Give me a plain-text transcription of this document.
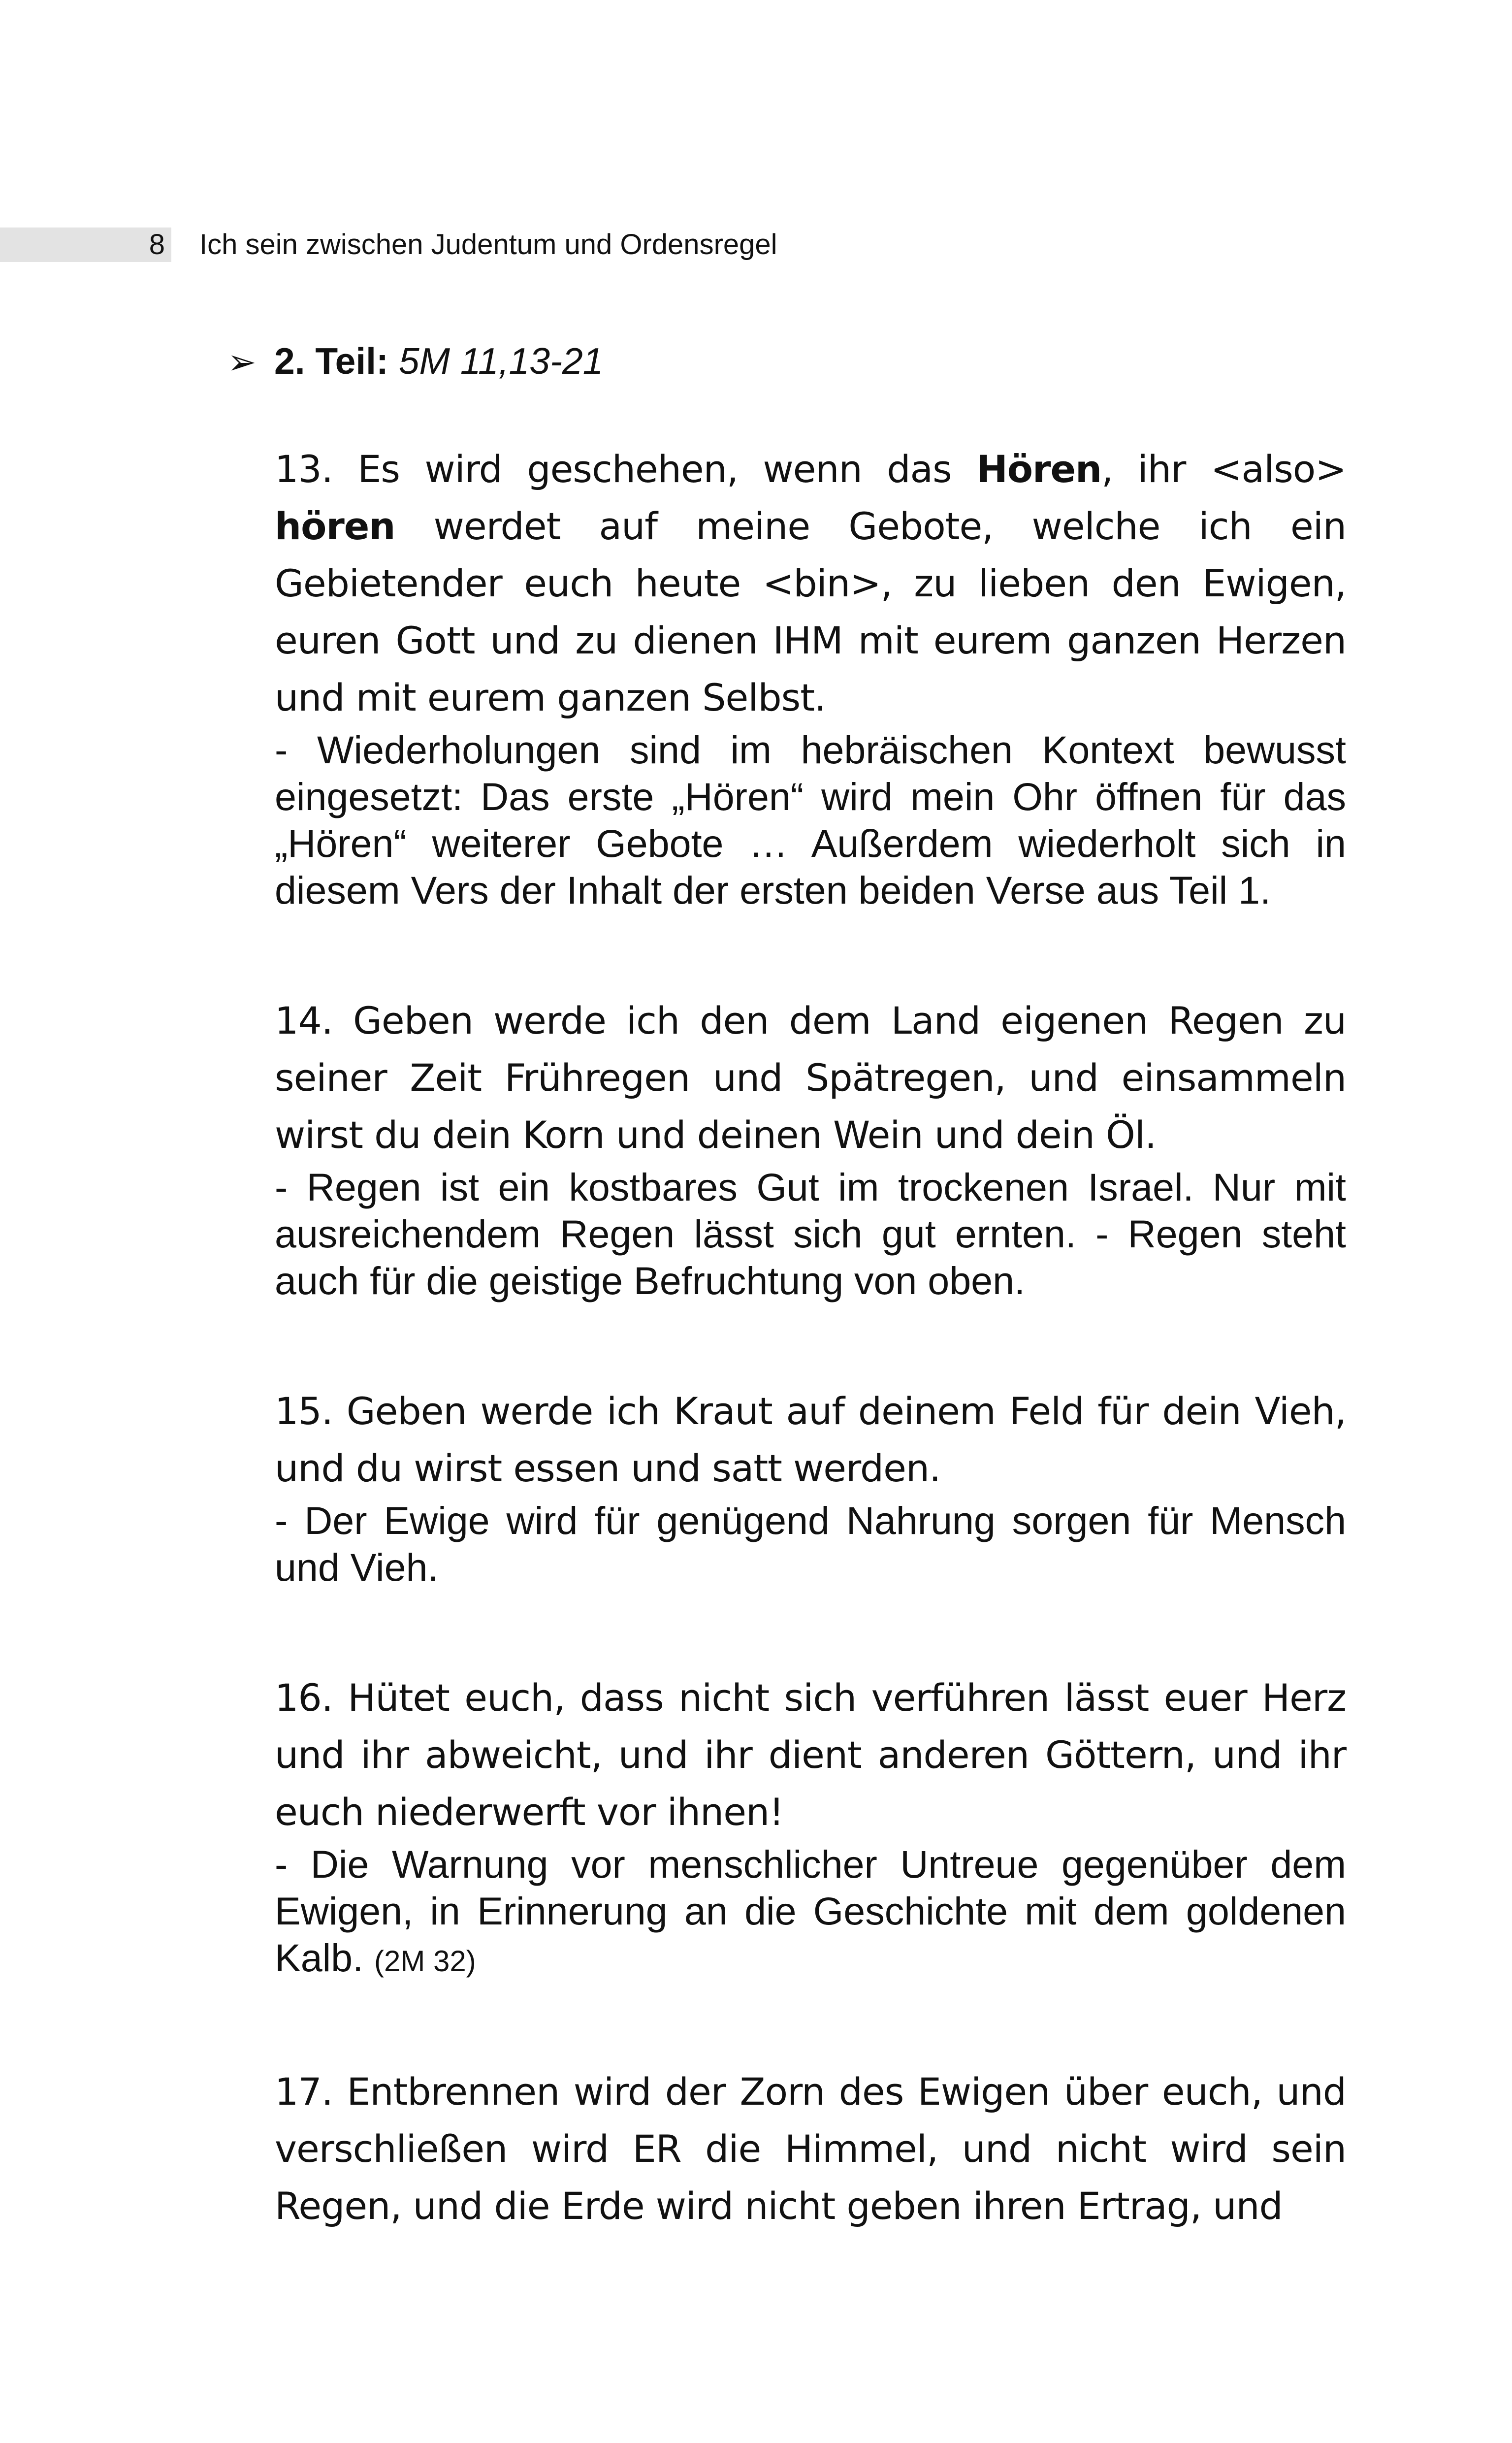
8 Ich sein zwischen Judentum und Ordensregel
➢ 2. Teil: 5M 11,13-21

13. Es wird geschehen, wenn das Hören, ihr <also> hören werdet auf meine Gebote, welche ich ein Gebietender euch heute <bin>, zu lieben den Ewigen, euren Gott und zu dienen IHM mit eurem ganzen Herzen und mit eurem ganzen Selbst.

- Wiederholungen sind im hebräischen Kontext bewusst eingesetzt: Das erste „Hören“ wird mein Ohr öffnen für das „Hören“ weiterer Gebote … Außerdem wiederholt sich in diesem Vers der Inhalt der ersten beiden Verse aus Teil 1.

14. Geben werde ich den dem Land eigenen Regen zu seiner Zeit Frühregen und Spätregen, und einsammeln wirst du dein Korn und deinen Wein und dein Öl.

- Regen ist ein kostbares Gut im trockenen Israel. Nur mit ausreichendem Regen lässt sich gut ernten. - Regen steht auch für die geistige Befruchtung von oben.

15. Geben werde ich Kraut auf deinem Feld für dein Vieh, und du wirst essen und satt werden.

- Der Ewige wird für genügend Nahrung sorgen für Mensch und Vieh.

16. Hütet euch, dass nicht sich verführen lässt euer Herz und ihr abweicht, und ihr dient anderen Göttern, und ihr euch niederwerft vor ihnen!

- Die Warnung vor menschlicher Untreue gegenüber dem Ewigen, in Erinnerung an die Geschichte mit dem goldenen Kalb. (2M 32)

17. Entbrennen wird der Zorn des Ewigen über euch, und verschließen wird ER die Himmel, und nicht wird sein Regen, und die Erde wird nicht geben ihren Ertrag, und
